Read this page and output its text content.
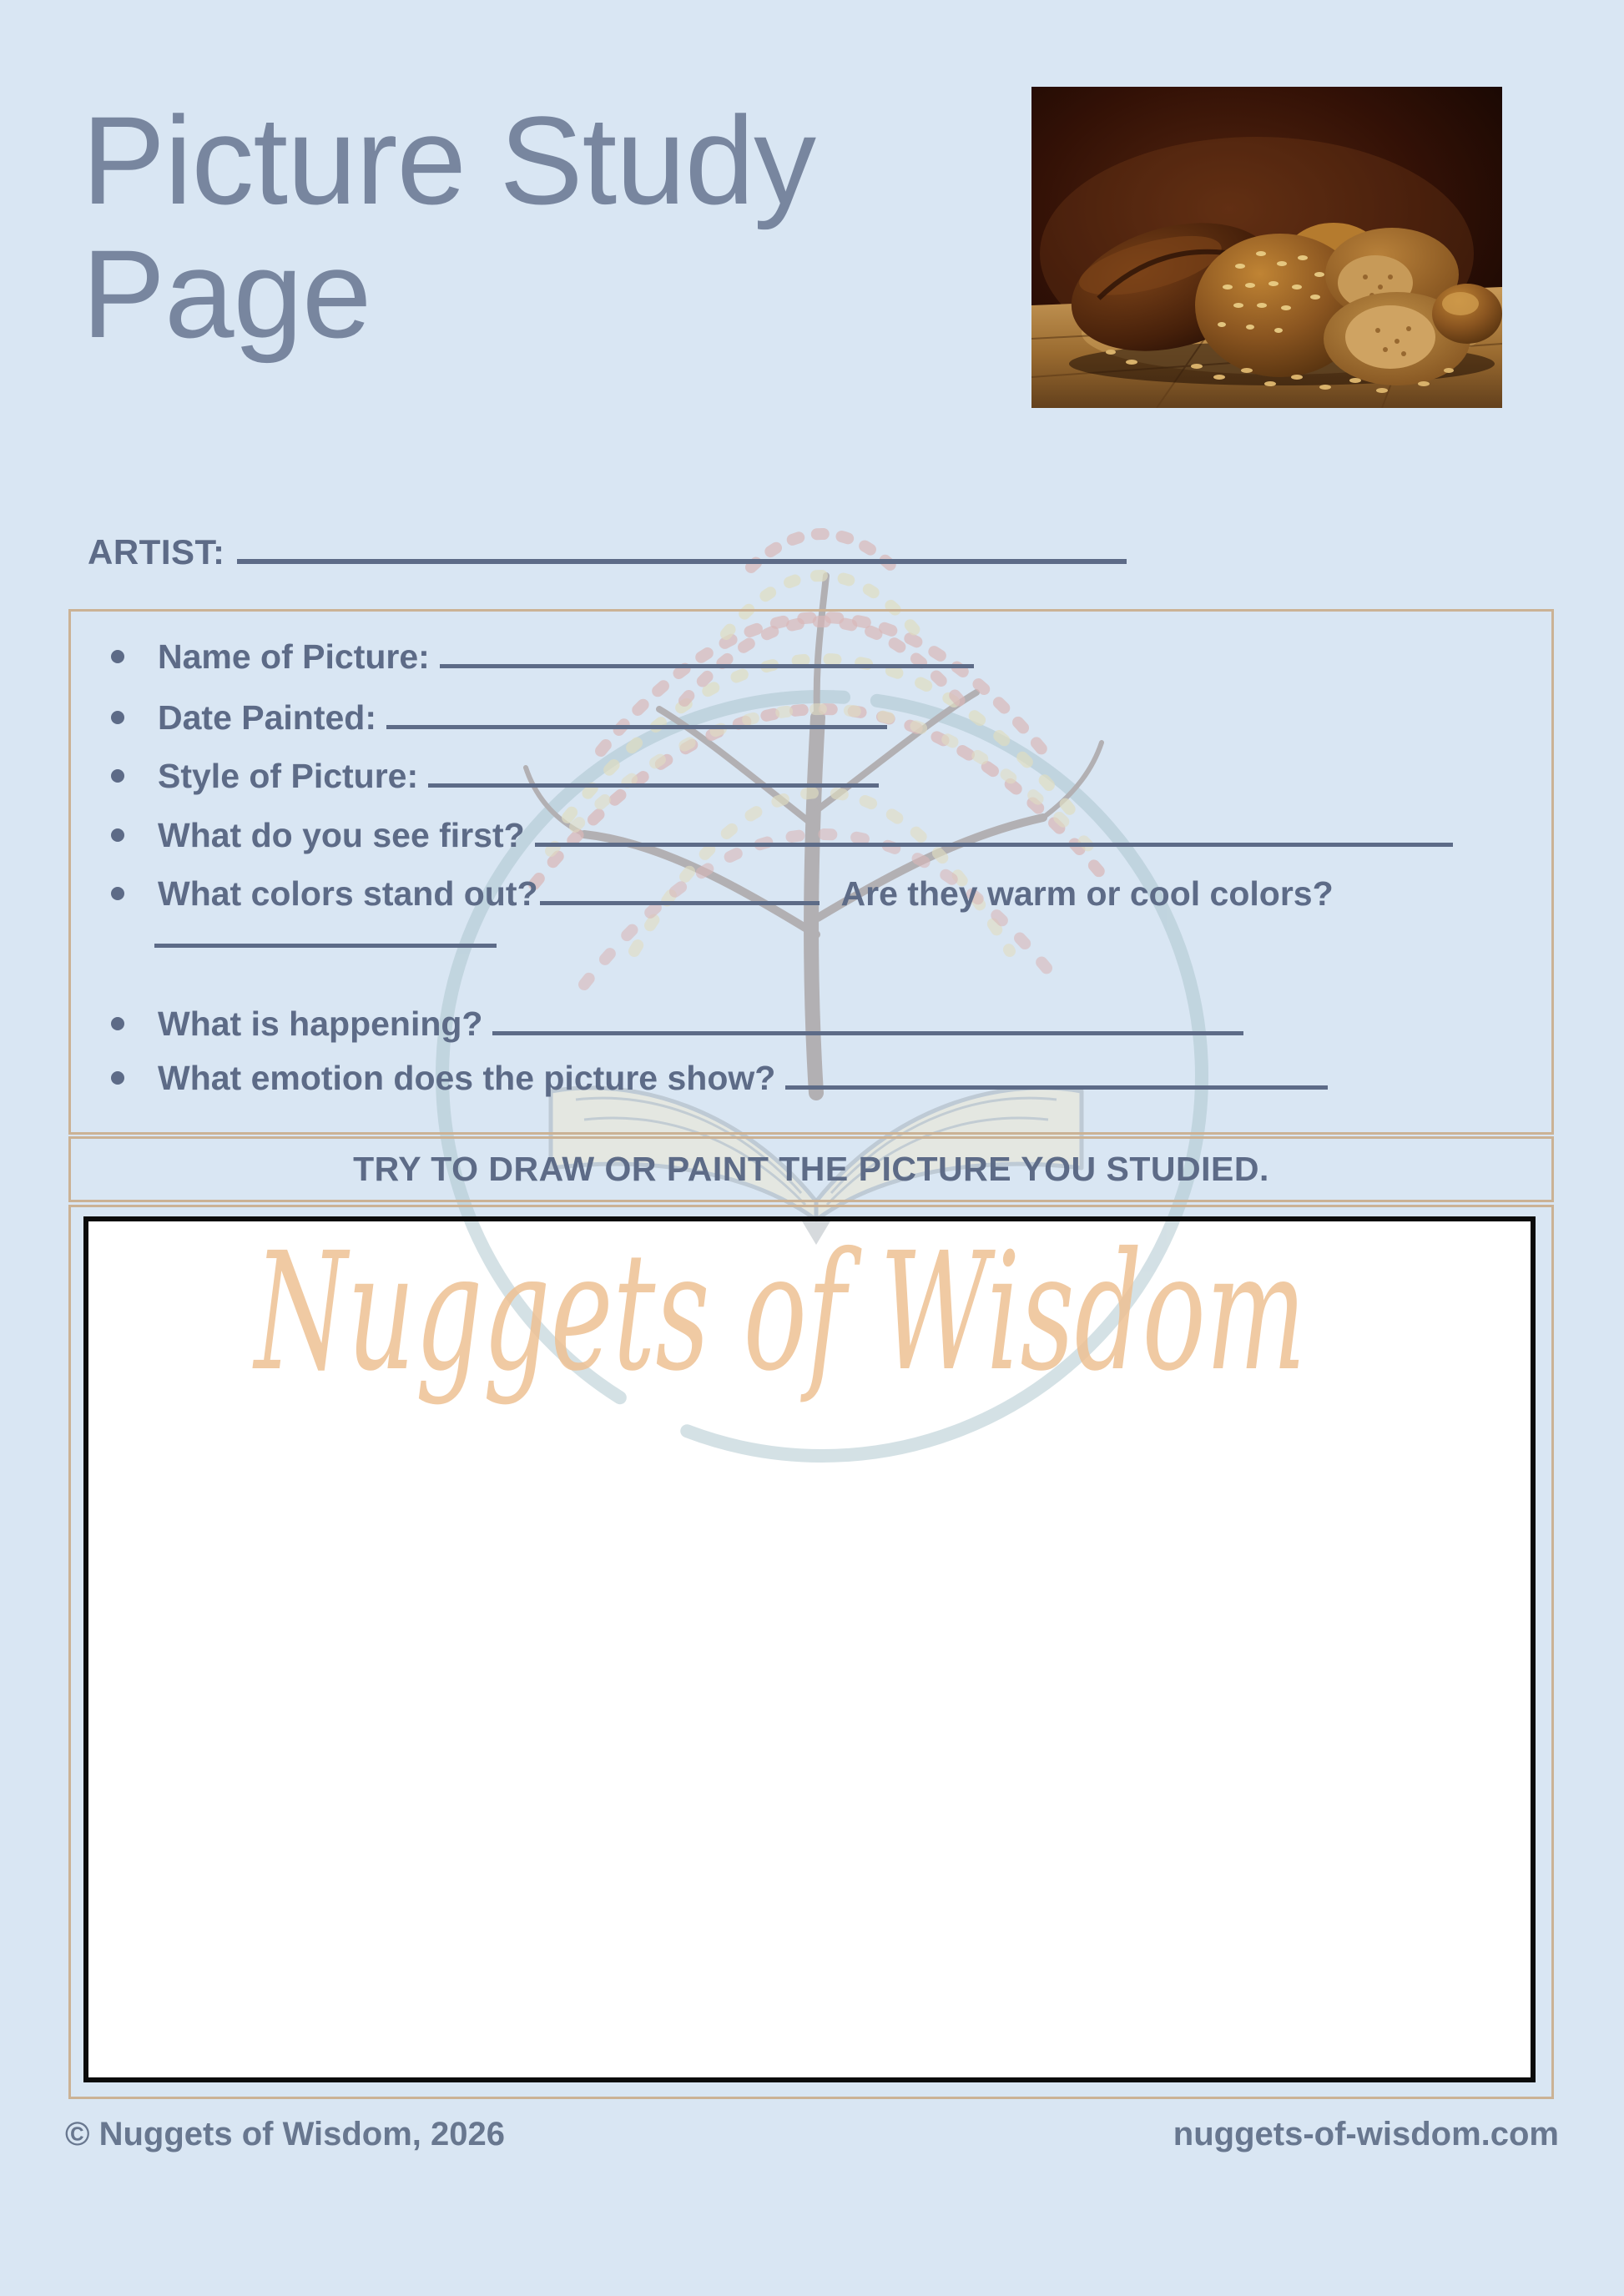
Nuggets of Wisdom
Picture Study
Page
ARTIST:
Name of Picture:
Date Painted:
Style of Picture:
What do you see first?
What colors stand out?	Are they warm or cool colors?
What is happening?
What emotion does the picture show?
TRY TO DRAW OR PAINT THE PICTURE YOU STUDIED.
© Nuggets of Wisdom, 2026	nuggets-of-wisdom.com
